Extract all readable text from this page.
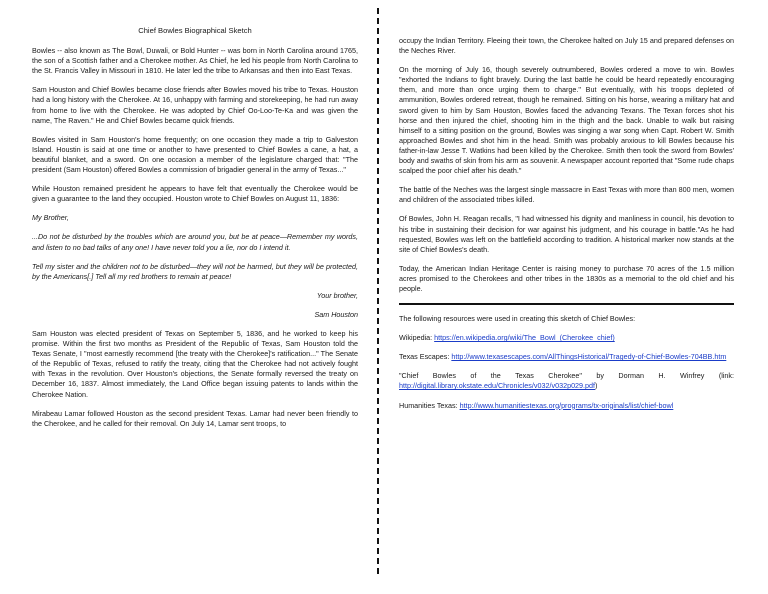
Chief Bowles Biographical Sketch

Bowles -- also known as The Bowl, Duwali, or Bold Hunter -- was born in North Carolina around 1765, the son of a Scottish father and a Cherokee mother. As Chief, he led his people from North Carolina to the St. Francis Valley in Missouri in 1810. He later led the tribe to Arkansas and then into East Texas.

Sam Houston and Chief Bowles became close friends after Bowles moved his tribe to Texas. Houston had a long history with the Cherokee. At 16, unhappy with farming and storekeeping, he had run away from home to live with the Cherokee. He was adopted by Chief Oo-Loo-Te-Ka and was given the name, The Raven." He and Chief Bowles became quick friends.

Bowles visited in Sam Houston's home frequently; on one occasion they made a trip to Galveston Island. Houstin is said at one time or another to have presented to Chief Bowles a cane, a hat, a beautiful blanket, and a sword. On one occasion a member of the legislature charged that: "The president (Sam Houston) offered Bowles a commission of brigadier general in the army of Texas..."

While Houston remained president he appears to have felt that eventually the Cherokee would be given a guarantee to the land they occupied. Houston wrote to Chief Bowles on August 11, 1836:

My Brother,

...Do not be disturbed by the troubles which are around you, but be at peace—Remember my words, and listen to no bad talks of any one! I have never told you a lie, nor do I intend it.

Tell my sister and the children not to be disturbed—they will not be harmed, but they will be protected, by the Americans[.] Tell all my red brothers to remain at peace!

Your brother,

Sam Houston

Sam Houston was elected president of Texas on September 5, 1836, and he worked to keep his promise. Within the first two months as President of the Republic of Texas, Sam Houston told the Texas Senate, I "most earnestly recommend [the treaty with the Cherokee]'s ratification..." The Senate of the Republic of Texas, refused to ratify the treaty, citing that the Cherokee had not actively fought with Texas in the revolution. Over Houston's objections, the Senate formally reversed the treaty on December 16, 1837. Almost immediately, the Land Office began issuing patents to lands within the Cherokee Nation.

Mirabeau Lamar followed Houston as the second president Texas. Lamar had never been friendly to the Cherokee, and he called for their removal. On July 14, Lamar sent troops, to

occupy the Indian Territory. Fleeing their town, the Cherokee halted on July 15 and prepared defenses on the Neches River.

On the morning of July 16, though severely outnumbered, Bowles ordered a move to win. Bowles "exhorted the Indians to fight bravely. During the last battle he could be heard repeatedly encouraging them, and more than once urging them to charge." But eventually, with his troops depleted of ammunition, Bowles ordered retreat, though he remained. Sitting on his horse, wearing a military hat and sword given to him by Sam Houston, Bowles faced the advancing Texans. The Texan forces shot his horse and then injured the chief, shooting him in the thigh and the back. Unable to walk but raising himself to a sitting position on the ground, Bowles was singing a war song when Capt. Robert W. Smith approached Bowles and shot him in the head. Smith was probably anxious to kill Bowles because his father-in-law Jesse T. Watkins had been killed by the Cherokee. Smith then took the sword from Bowles' body and swaths of skin from his arm as souvenir. A newspaper account reported that "Some rude chaps scalped the poor chief after his death."

The battle of the Neches was the largest single massacre in East Texas with more than 800 men, women and children of the associated tribes killed.

Of Bowles, John H. Reagan recalls, "I had witnessed his dignity and manliness in council, his devotion to his tribe in sustaining their decision for war against his judgment, and his courage in battle."As he had requested, Bowles was left on the battlefield according to tradition. A historical marker now stands at the site of Chief Bowles's death.

Today, the American Indian Heritage Center is raising money to purchase 70 acres of the 1.5 million acres promised to the Cherokees and other tribes in the 1830s as a memorial to the old chief and his people.

The following resources were used in creating this sketch of Chief Bowles:

Wikipedia: https://en.wikipedia.org/wiki/The_Bowl_(Cherokee_chief)

Texas Escapes: http://www.texasescapes.com/AllThingsHistorical/Tragedy-of-Chief-Bowles-704BB.htm

"Chief Bowles of the Texas Cherokee" by Dorman H. Winfrey (link: http://digital.library.okstate.edu/Chronicles/v032/v032p029.pdf)

Humanities Texas: http://www.humanitiestexas.org/programs/tx-originals/list/chief-bowl
